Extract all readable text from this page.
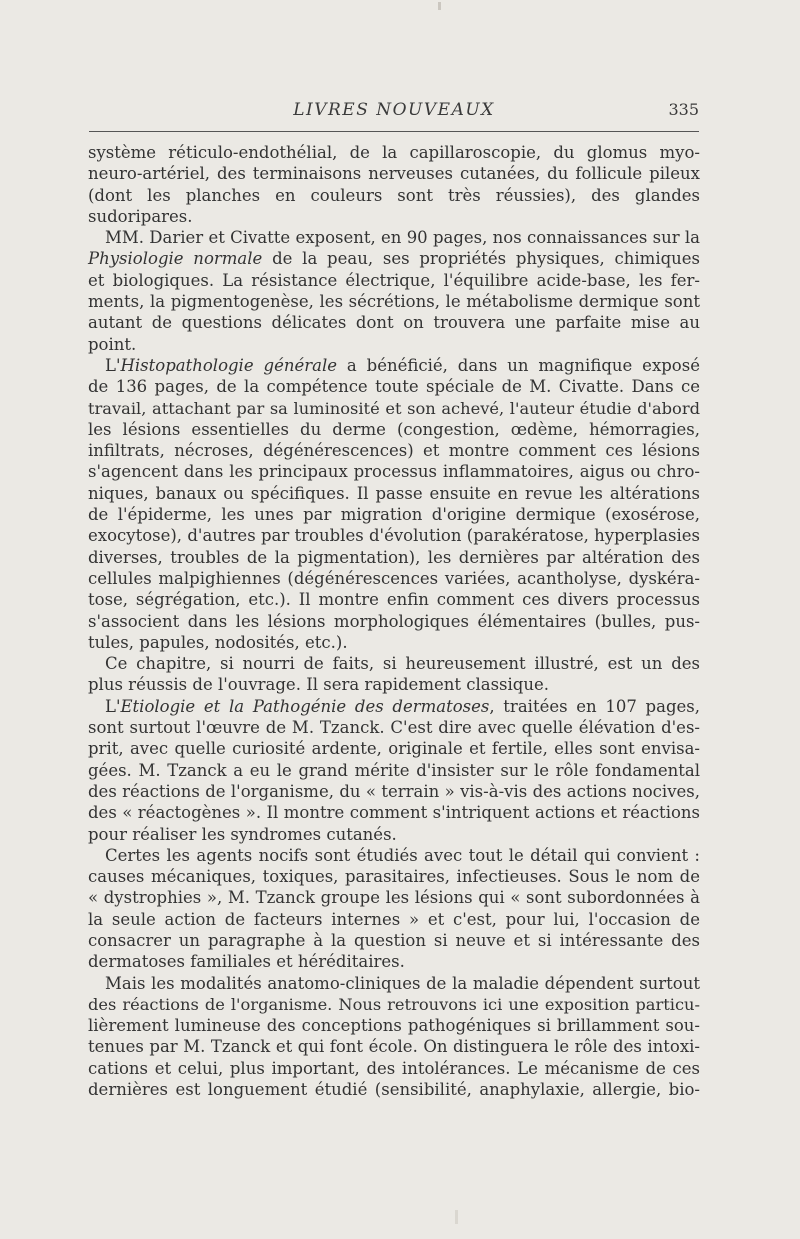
LIVRES NOUVEAUX	335
système réticulo-endothélial, de la capillaroscopie, du glomus myo-
neuro-artériel, des terminaisons nerveuses cutanées, du follicule pileux
(dont les planches en couleurs sont très réussies), des glandes
sudoripares.
MM. Darier et Civatte exposent, en 90 pages, nos connaissances sur la
Physiologie normale de la peau, ses propriétés physiques, chimiques
et biologiques. La résistance électrique, l'équilibre acide-base, les fer-
ments, la pigmentogenèse, les sécrétions, le métabolisme dermique sont
autant de questions délicates dont on trouvera une parfaite mise au
point.
L'Histopathologie générale a bénéficié, dans un magnifique exposé
de 136 pages, de la compétence toute spéciale de M. Civatte. Dans ce
travail, attachant par sa luminosité et son achevé, l'auteur étudie d'abord
les lésions essentielles du derme (congestion, œdème, hémorragies,
infiltrats, nécroses, dégénérescences) et montre comment ces lésions
s'agencent dans les principaux processus inflammatoires, aigus ou chro-
niques, banaux ou spécifiques. Il passe ensuite en revue les altérations
de l'épiderme, les unes par migration d'origine dermique (exosérose,
exocytose), d'autres par troubles d'évolution (parakératose, hyperplasies
diverses, troubles de la pigmentation), les dernières par altération des
cellules malpighiennes (dégénérescences variées, acantholyse, dyskéra-
tose, ségrégation, etc.). Il montre enfin comment ces divers processus
s'associent dans les lésions morphologiques élémentaires (bulles, pus-
tules, papules, nodosités, etc.).
Ce chapitre, si nourri de faits, si heureusement illustré, est un des
plus réussis de l'ouvrage. Il sera rapidement classique.
L'Etiologie et la Pathogénie des dermatoses, traitées en 107 pages,
sont surtout l'œuvre de M. Tzanck. C'est dire avec quelle élévation d'es-
prit, avec quelle curiosité ardente, originale et fertile, elles sont envisa-
gées. M. Tzanck a eu le grand mérite d'insister sur le rôle fondamental
des réactions de l'organisme, du « terrain » vis-à-vis des actions nocives,
des « réactogènes ». Il montre comment s'intriquent actions et réactions
pour réaliser les syndromes cutanés.
Certes les agents nocifs sont étudiés avec tout le détail qui convient :
causes mécaniques, toxiques, parasitaires, infectieuses. Sous le nom de
« dystrophies », M. Tzanck groupe les lésions qui « sont subordonnées à
la seule action de facteurs internes » et c'est, pour lui, l'occasion de
consacrer un paragraphe à la question si neuve et si intéressante des
dermatoses familiales et héréditaires.
Mais les modalités anatomo-cliniques de la maladie dépendent surtout
des réactions de l'organisme. Nous retrouvons ici une exposition particu-
lièrement lumineuse des conceptions pathogéniques si brillamment sou-
tenues par M. Tzanck et qui font école. On distinguera le rôle des intoxi-
cations et celui, plus important, des intolérances. Le mécanisme de ces
dernières est longuement étudié (sensibilité, anaphylaxie, allergie, bio-
